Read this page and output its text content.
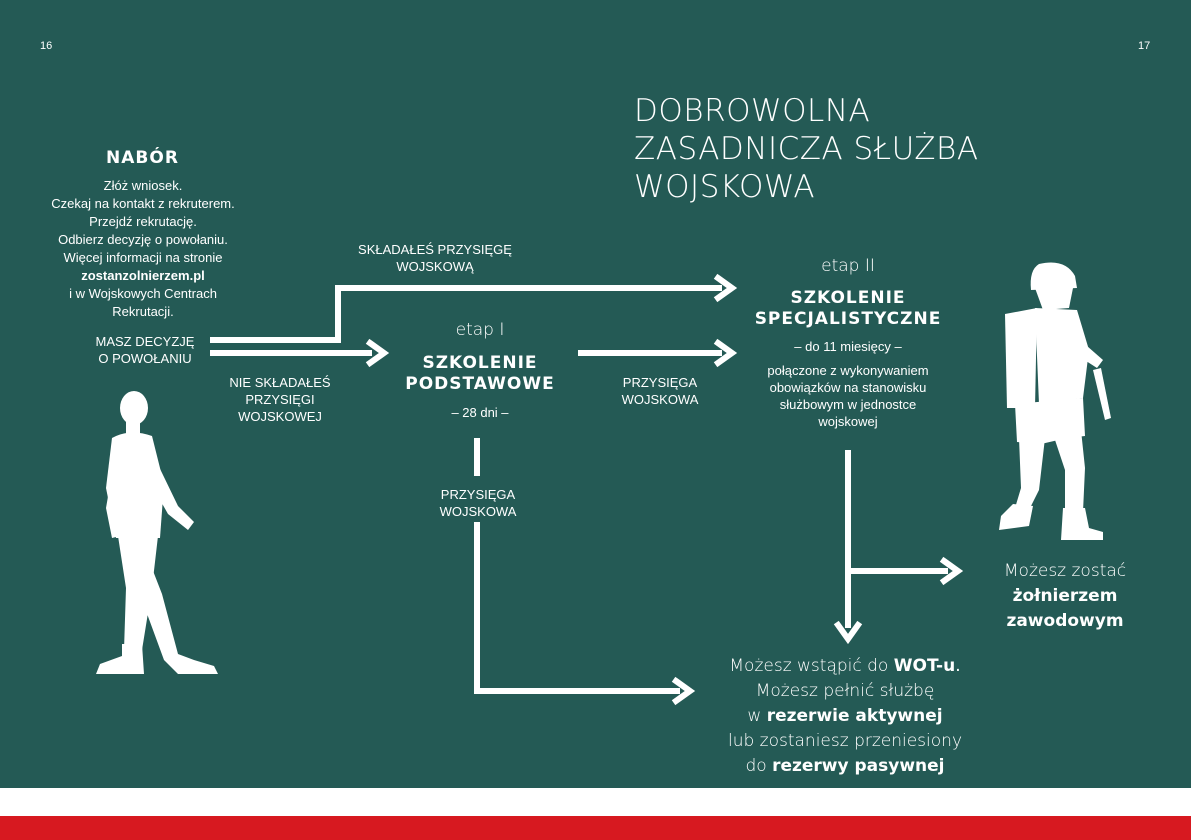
16	17
DOBROWOLNA
ZASADNICZA SŁUŻBA
WOJSKOWA
NABÓR
Złóż wniosek.
Czekaj na kontakt z rekruterem.
Przejdź rekrutację.
Odbierz decyzję o powołaniu.
Więcej informacji na stronie
zostanzolnierzem.pl
i w Wojskowych Centrach
Rekrutacji.
MASZ DECYZJĘ
O POWOŁANIU
SKŁADAŁEŚ PRZYSIĘGĘ
WOJSKOWĄ
NIE SKŁADAŁEŚ
PRZYSIĘGI
WOJSKOWEJ
etap I
SZKOLENIE
PODSTAWOWE
– 28 dni –
PRZYSIĘGA
WOJSKOWA
PRZYSIĘGA
WOJSKOWA
etap II
SZKOLENIE
SPECJALISTYCZNE
– do 11 miesięcy –
połączone z wykonywaniem
obowiązków na stanowisku
służbowym w jednostce
wojskowej
Możesz zostać
żołnierzem
zawodowym
Możesz wstąpić do WOT-u.
Możesz pełnić służbę
w rezerwie aktywnej
lub zostaniesz przeniesiony
do rezerwy pasywnej
